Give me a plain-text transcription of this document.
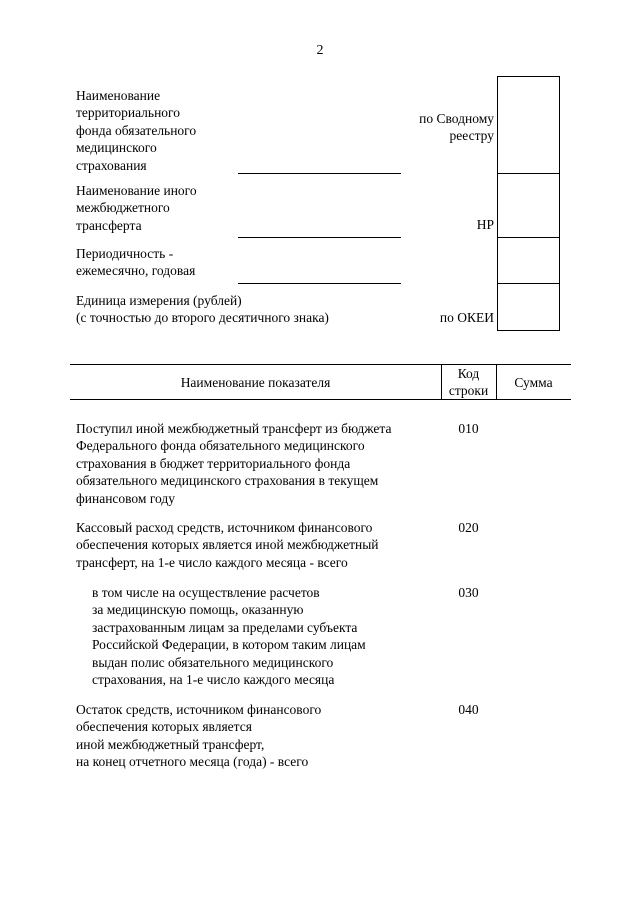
2
Наименование
территориального
фонда обязательного
медицинского
страхования
по Сводному
реестру
Наименование иного
межбюджетного
трансферта	НР
Периодичность -
ежемесячно, годовая
Единица измерения (рублей)
(с точностью до второго десятичного знака)	по ОКЕИ
Наименование показателя
Код
строки
Сумма
Поступил иной межбюджетный трансферт из бюджета
Федерального фонда обязательного медицинского
страхования в бюджет территориального фонда
обязательного медицинского страхования в текущем
финансовом году
010
Кассовый расход средств, источником финансового
обеспечения которых является иной межбюджетный
трансферт, на 1-е число каждого месяца - всего
020
в том числе на осуществление расчетов
за медицинскую помощь, оказанную
застрахованным лицам за пределами субъекта
Российской Федерации, в котором таким лицам
выдан полис обязательного медицинского
страхования, на 1-е число каждого месяца
030
Остаток средств, источником финансового
обеспечения которых является
иной межбюджетный трансферт,
на конец отчетного месяца (года) - всего
040
